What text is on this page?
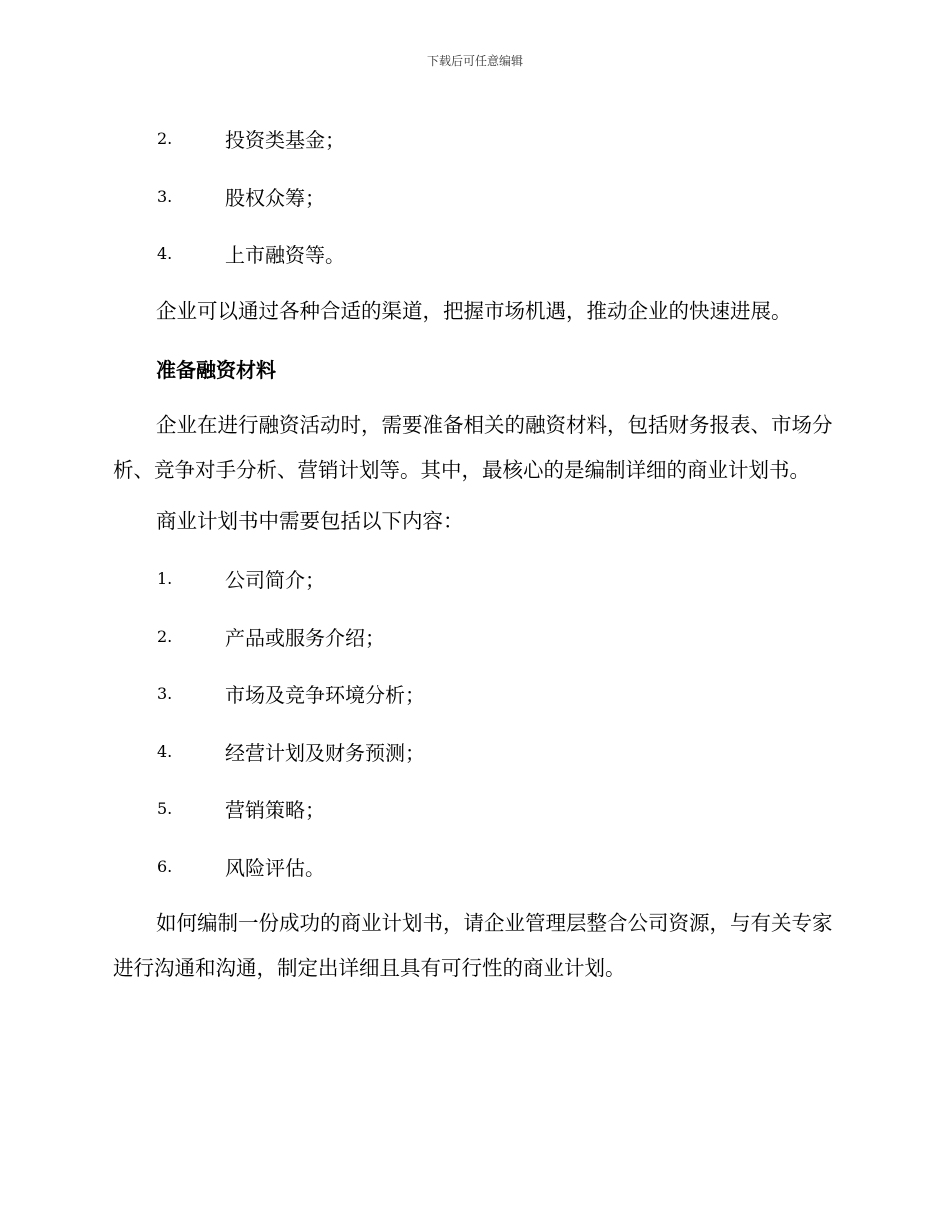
下载后可任意编辑
2.	投资类基金；
3.	股权众筹；
4.	上市融资等。

企业可以通过各种合适的渠道，把握市场机遇，推动企业的快速进展。

准备融资材料

企业在进行融资活动时，需要准备相关的融资材料，包括财务报表、市场分析、竞争对手分析、营销计划等。其中，最核心的是编制详细的商业计划书。

商业计划书中需要包括以下内容：

1.	公司简介；
2.	产品或服务介绍；
3.	市场及竞争环境分析；
4.	经营计划及财务预测；
5.	营销策略；
6.	风险评估。

如何编制一份成功的商业计划书，请企业管理层整合公司资源，与有关专家进行沟通和沟通，制定出详细且具有可行性的商业计划。
